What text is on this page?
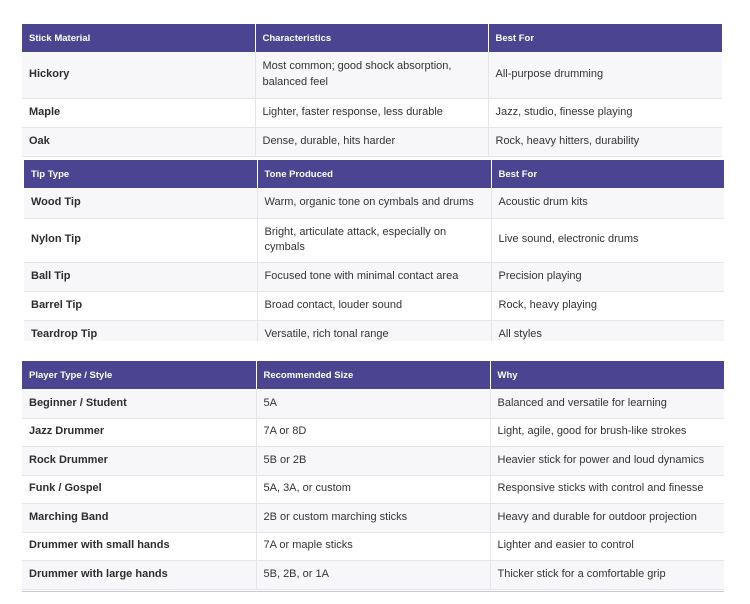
Stick Material	Characteristics	Best For
Hickory	Most common; good shock absorption, balanced feel	All-purpose drumming
Maple	Lighter, faster response, less durable	Jazz, studio, finesse playing
Oak	Dense, durable, hits harder	Rock, heavy hitters, durability
Tip Type	Tone Produced	Best For
Wood Tip	Warm, organic tone on cymbals and drums	Acoustic drum kits
Nylon Tip	Bright, articulate attack, especially on cymbals	Live sound, electronic drums
Ball Tip	Focused tone with minimal contact area	Precision playing
Barrel Tip	Broad contact, louder sound	Rock, heavy playing
Teardrop Tip	Versatile, rich tonal range	All styles
Player Type / Style	Recommended Size	Why
Beginner / Student	5A	Balanced and versatile for learning
Jazz Drummer	7A or 8D	Light, agile, good for brush-like strokes
Rock Drummer	5B or 2B	Heavier stick for power and loud dynamics
Funk / Gospel	5A, 3A, or custom	Responsive sticks with control and finesse
Marching Band	2B or custom marching sticks	Heavy and durable for outdoor projection
Drummer with small hands	7A or maple sticks	Lighter and easier to control
Drummer with large hands	5B, 2B, or 1A	Thicker stick for a comfortable grip
